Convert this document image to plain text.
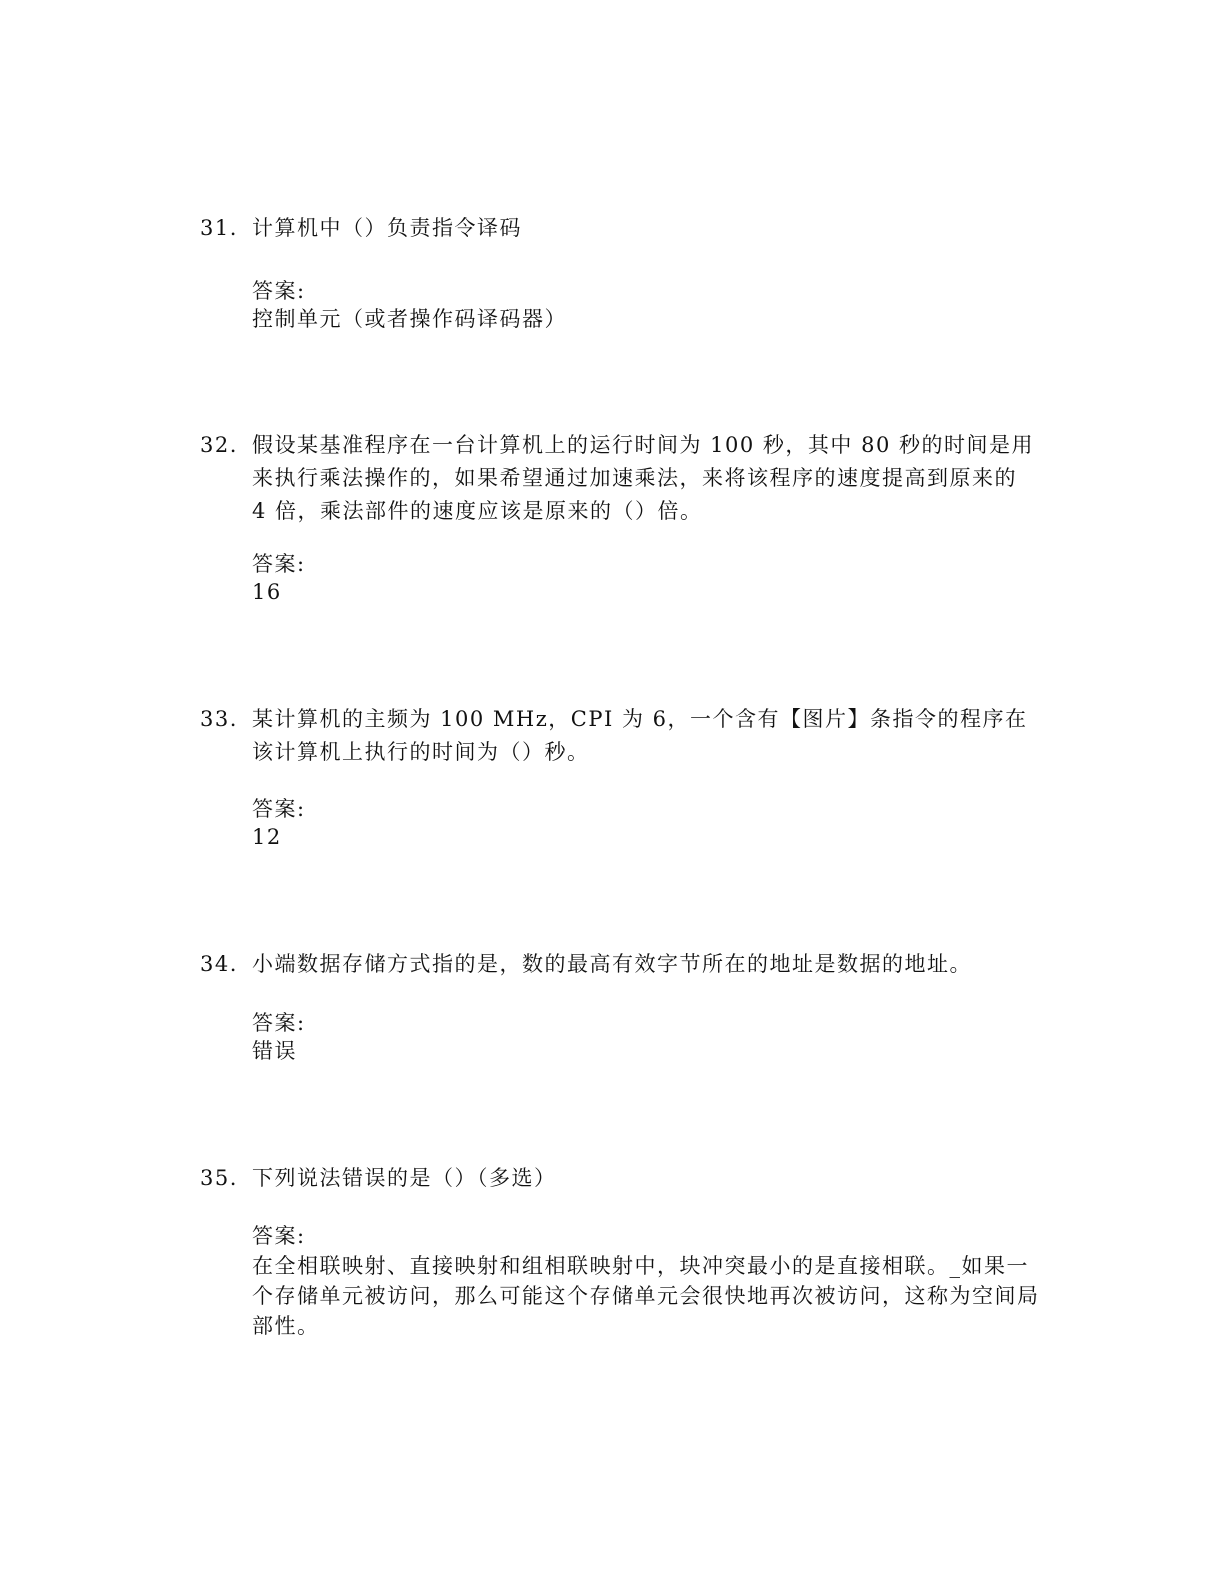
31. 计算机中（）负责指令译码
答案:
控制单元（或者操作码译码器）
32. 假设某基准程序在一台计算机上的运行时间为 100 秒，其中 80 秒的时间是用来执行乘法操作的，如果希望通过加速乘法，来将该程序的速度提高到原来的 4 倍，乘法部件的速度应该是原来的（）倍。
答案:
16
33. 某计算机的主频为 100 MHz，CPI 为 6，一个含有【图片】条指令的程序在该计算机上执行的时间为（）秒。
答案:
12
34. 小端数据存储方式指的是，数的最高有效字节所在的地址是数据的地址。
答案:
错误
35. 下列说法错误的是（）（多选）
答案:
在全相联映射、直接映射和组相联映射中，块冲突最小的是直接相联。_如果一个存储单元被访问，那么可能这个存储单元会很快地再次被访问，这称为空间局部性。
